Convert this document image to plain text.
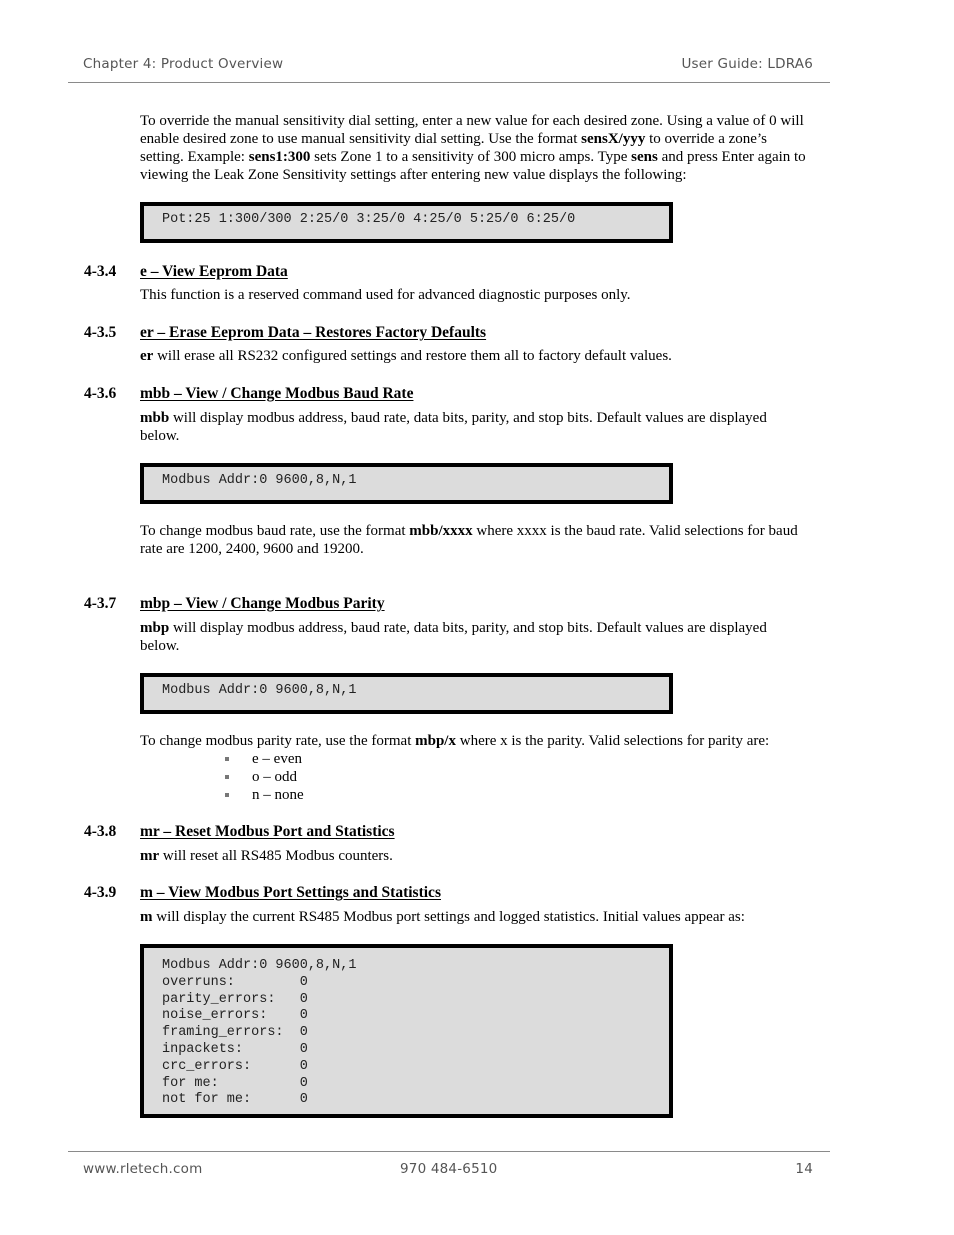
Chapter 4: Product Overview	User Guide: LDRA6

To override the manual sensitivity dial setting, enter a new value for each desired zone. Using a value of 0 will enable desired zone to use manual sensitivity dial setting. Use the format sensX/yyy to override a zone’s setting. Example: sens1:300 sets Zone 1 to a sensitivity of 300 micro amps. Type sens and press Enter again to viewing the Leak Zone Sensitivity settings after entering new value displays the following:

Pot:25 1:300/300 2:25/0 3:25/0 4:25/0 5:25/0 6:25/0
4-3.4 e – View Eeprom Data

This function is a reserved command used for advanced diagnostic purposes only.

4-3.5 er – Erase Eeprom Data – Restores Factory Defaults

er will erase all RS232 configured settings and restore them all to factory default values.

4-3.6 mbb – View / Change Modbus Baud Rate

mbb will display modbus address, baud rate, data bits, parity, and stop bits. Default values are displayed below.

Modbus Addr:0 9600,8,N,1

To change modbus baud rate, use the format mbb/xxxx where xxxx is the baud rate. Valid selections for baud rate are 1200, 2400, 9600 and 19200.

4-3.7 mbp – View / Change Modbus Parity

mbp will display modbus address, baud rate, data bits, parity, and stop bits. Default values are displayed below.

Modbus Addr:0 9600,8,N,1

To change modbus parity rate, use the format mbp/x where x is the parity. Valid selections for parity are:

e – even
o – odd
n – none
4-3.8 mr – Reset Modbus Port and Statistics

mr will reset all RS485 Modbus counters.

4-3.9 m – View Modbus Port Settings and Statistics

m will display the current RS485 Modbus port settings and logged statistics. Initial values appear as:

Modbus Addr:0 9600,8,N,1
overruns:        0
parity_errors:   0
noise_errors:    0
framing_errors:  0
inpackets:       0
crc_errors:      0
for me:          0
not for me:      0
www.rletech.com	970 484-6510	14
